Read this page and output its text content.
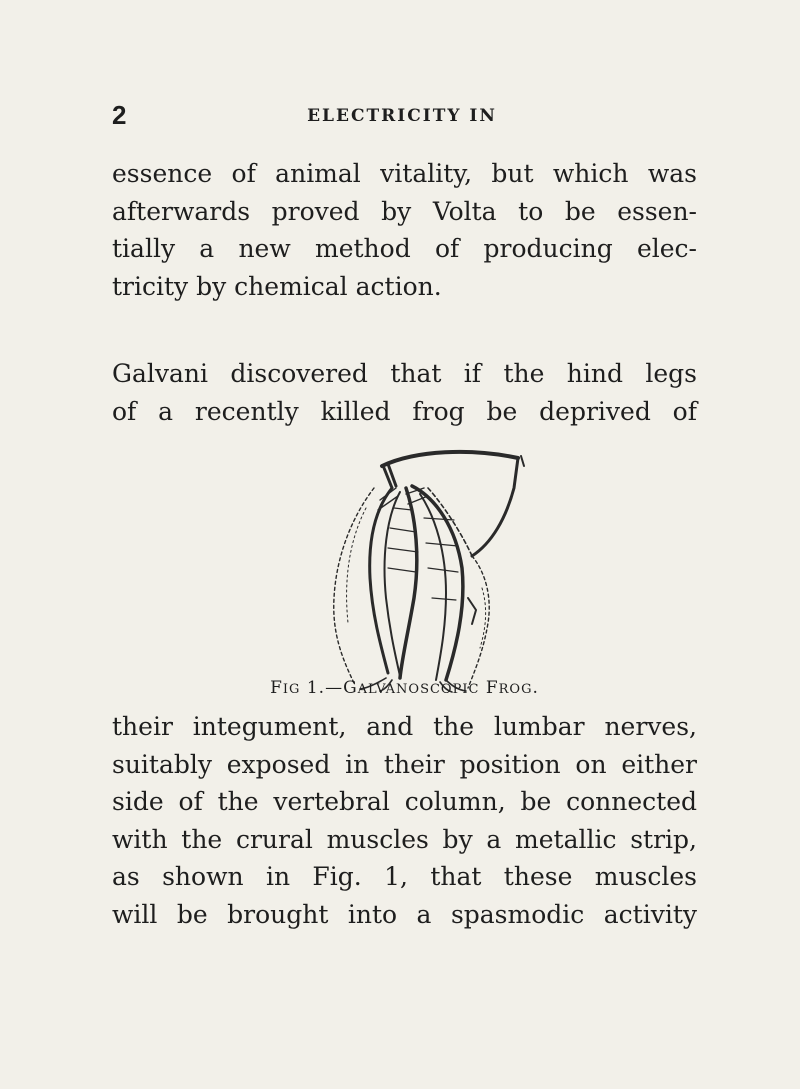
2	ELECTRICITY IN
essence of animal vitality, but which was
afterwards proved by Volta to be essen-
tially a new method of producing elec-
tricity by chemical action.
Galvani discovered that if the hind legs
of a recently killed frog be deprived of
FIG 1.—GALVANOSCOPIC FROG.
their integument, and the lumbar nerves,
suitably exposed in their position on either
side of the vertebral column, be connected
with the crural muscles by a metallic strip,
as shown in Fig. 1, that these muscles
will be brought into a spasmodic activity
